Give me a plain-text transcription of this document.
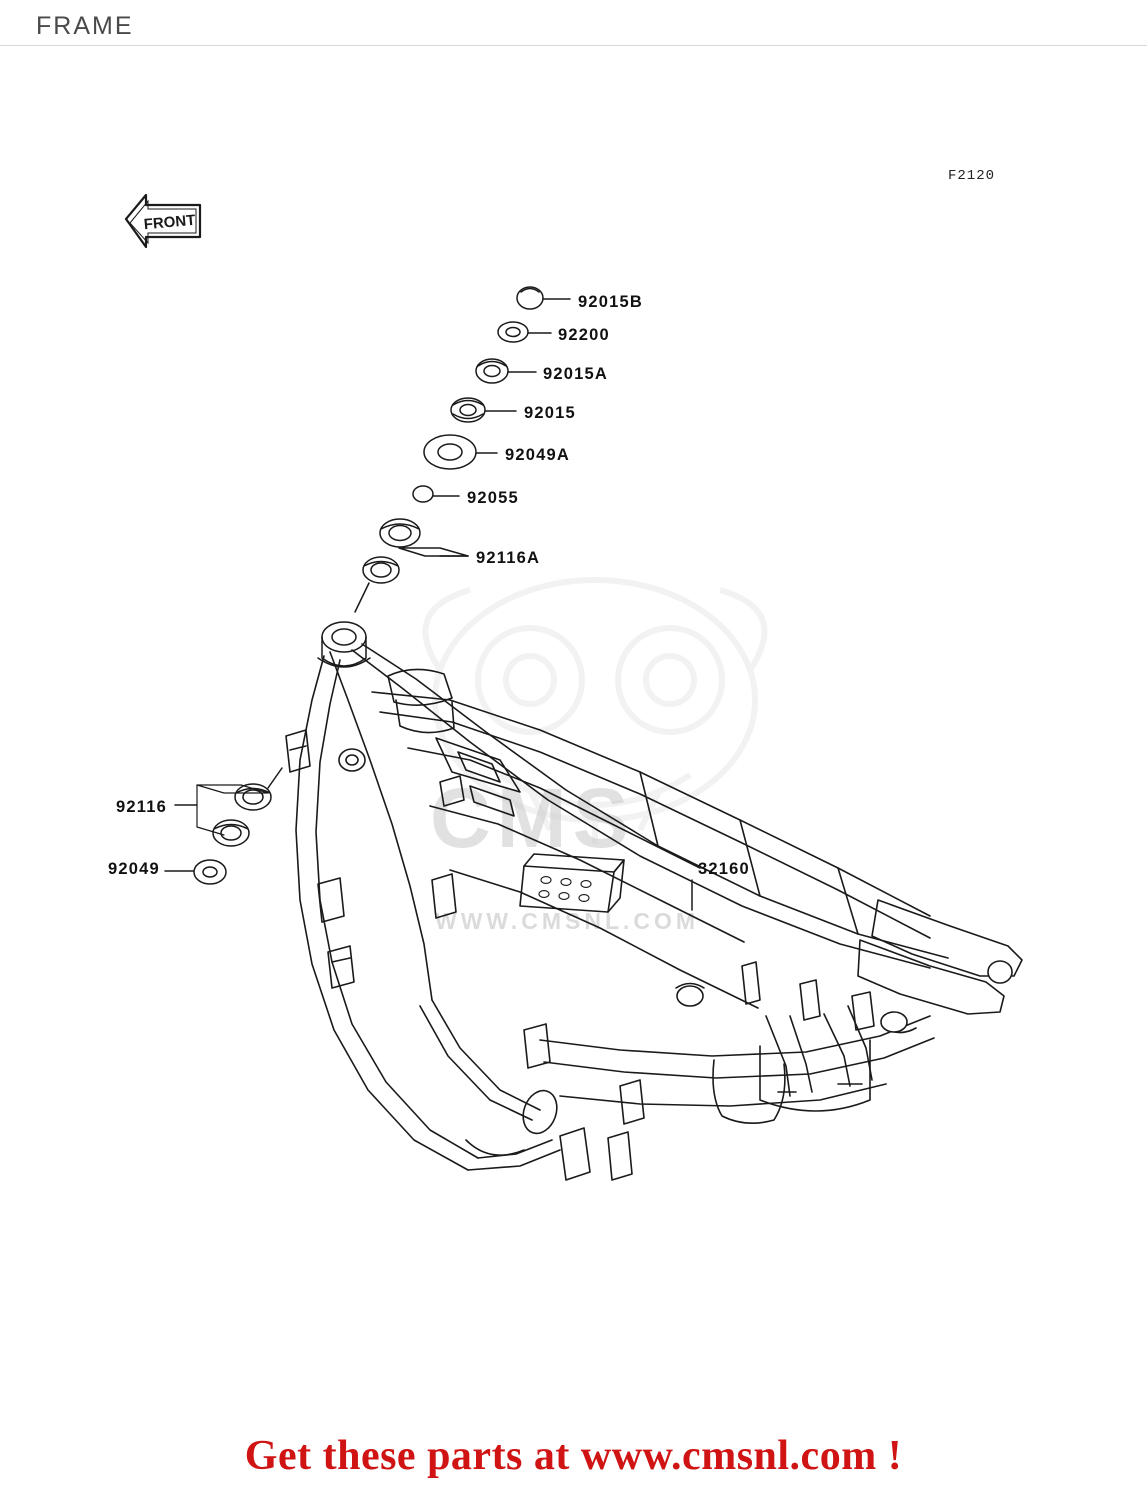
FRAME
F2120
FRONT
CMS
WWW.CMSNL.COM
92015B
92200
92015A
92015
92049A
92055
92116A
92116
92049	32160
Get these parts at www.cmsnl.com !
